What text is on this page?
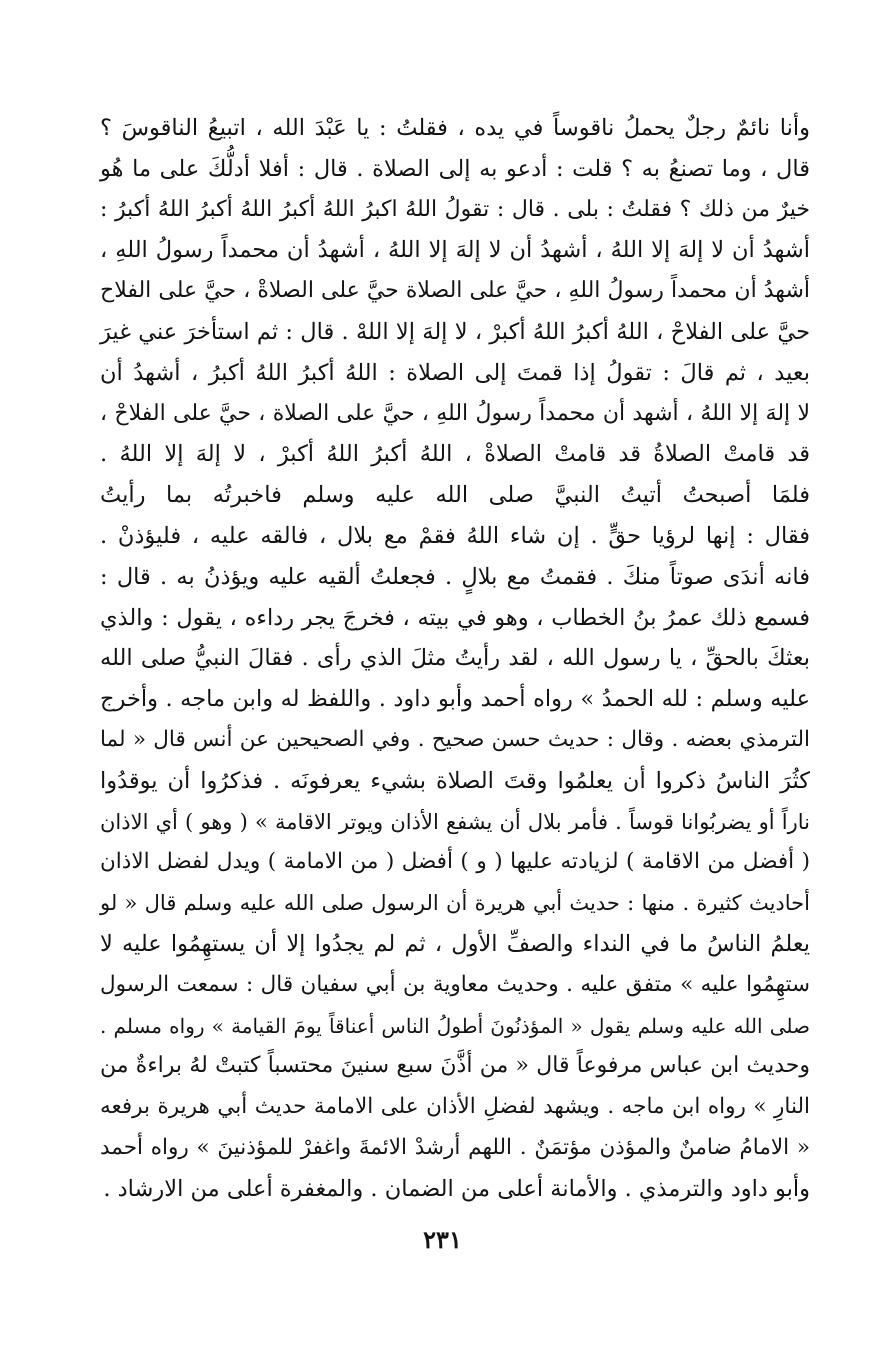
وأنا نائمٌ رجلٌ يحملُ ناقوساً في يده ، فقلتُ : يا عَبْدَ الله ، اتبيعُ الناقوسَ ؟
قال ، وما تصنعُ به ؟ قلت : أدعو به إلى الصلاة . قال : أفلا أدلُّكَ على ما هُو
خيرٌ من ذلك ؟ فقلتُ : بلى . قال : تقولُ اللهُ اكبرُ اللهُ أكبرُ اللهُ أكبرُ اللهُ أكبرُ :
أشهدُ أن لا إلهَ إلا اللهُ ، أشهدُ أن لا إلهَ إلا اللهُ ، أشهدُ أن محمداً رسولُ اللهِ ،
أشهدُ أن محمداً رسولُ اللهِ ، حيَّ على الصلاة حيَّ على الصلاةْ ، حيَّ على الفلاح
حيَّ على الفلاحْ ، اللهُ أكبرُ اللهُ أكبرْ ، لا إلهَ إلا اللهْ . قال : ثم استأخرَ عني غيرَ
بعيد ، ثم قالَ : تقولُ إذا قمتَ إلى الصلاة : اللهُ أكبرُ اللهُ أكبرُ ، أشهدُ أن
لا إلهَ إلا اللهُ ، أشهد أن محمداً رسولُ اللهِ ، حيَّ على الصلاة ، حيَّ على الفلاحْ ،
قد قامتْ الصلاةُ قد قامتْ الصلاةْ ، اللهُ أكبرُ اللهُ أكبرْ ، لا إلهَ إلا اللهُ .
فلمَا أصبحتُ أتيتُ النبيَّ صلى الله عليه وسلم فاخبرتُه بما رأيتُ
فقال : إنها لرؤيا حقٍّ . إن شاء اللهُ فقمْ مع بلال ، فالقه عليه ، فليؤذنْ .
فانه أندَى صوتاً منكَ . فقمتُ مع بلالٍ . فجعلتُ ألقيه عليه ويؤذنُ به . قال :
فسمع ذلك عمرُ بنُ الخطاب ، وهو في بيته ، فخرجَ يجر رداءه ، يقول : والذي
بعثكَ بالحقِّ ، يا رسول الله ، لقد رأيتُ مثلَ الذي رأى . فقالَ النبيُّ صلى الله
عليه وسلم : لله الحمدُ » رواه أحمد وأبو داود . واللفظ له وابن ماجه . وأخرج
الترمذي بعضه . وقال : حديث حسن صحيح . وفي الصحيحين عن أنس قال « لما
كثُرَ الناسُ ذكروا أن يعلمُوا وقتَ الصلاة بشيء يعرفونَه . فذكرُوا أن يوقدُوا
ناراً أو يضربُوانا قوساً . فأمر بلال أن يشفع الأذان ويوتر الاقامة » ( وهو ) أي الاذان
( أفضل من الاقامة ) لزيادته عليها ( و ) أفضل ( من الامامة ) ويدل لفضل الاذان
أحاديث كثيرة . منها : حديث أبي هريرة أن الرسول صلى الله عليه وسلم قال « لو
يعلمُ الناسُ ما في النداء والصفِّ الأول ، ثم لم يجدُوا إلا أن يستهِمُوا عليه لا
ستهِمُوا عليه » متفق عليه . وحديث معاوية بن أبي سفيان قال : سمعت الرسول
صلى الله عليه وسلم يقول « المؤذنُونَ أطولُ الناس أعناقاً يومَ القيامة » رواه مسلم .
وحديث ابن عباس مرفوعاً قال « من أذَّنَ سبع سنينَ محتسباً كتبتْ لهُ براءةٌ من
النارِ » رواه ابن ماجه . ويشهد لفضلِ الأذان على الامامة حديث أبي هريرة برفعه
« الامامُ ضامنٌ والمؤذن مؤتمَنٌ . اللهم أرشدْ الائمةَ واغفرْ للمؤذنينَ » رواه أحمد
وأبو داود والترمذي . والأمانة أعلى من الضمان . والمغفرة أعلى من الارشاد .
٢٣١
